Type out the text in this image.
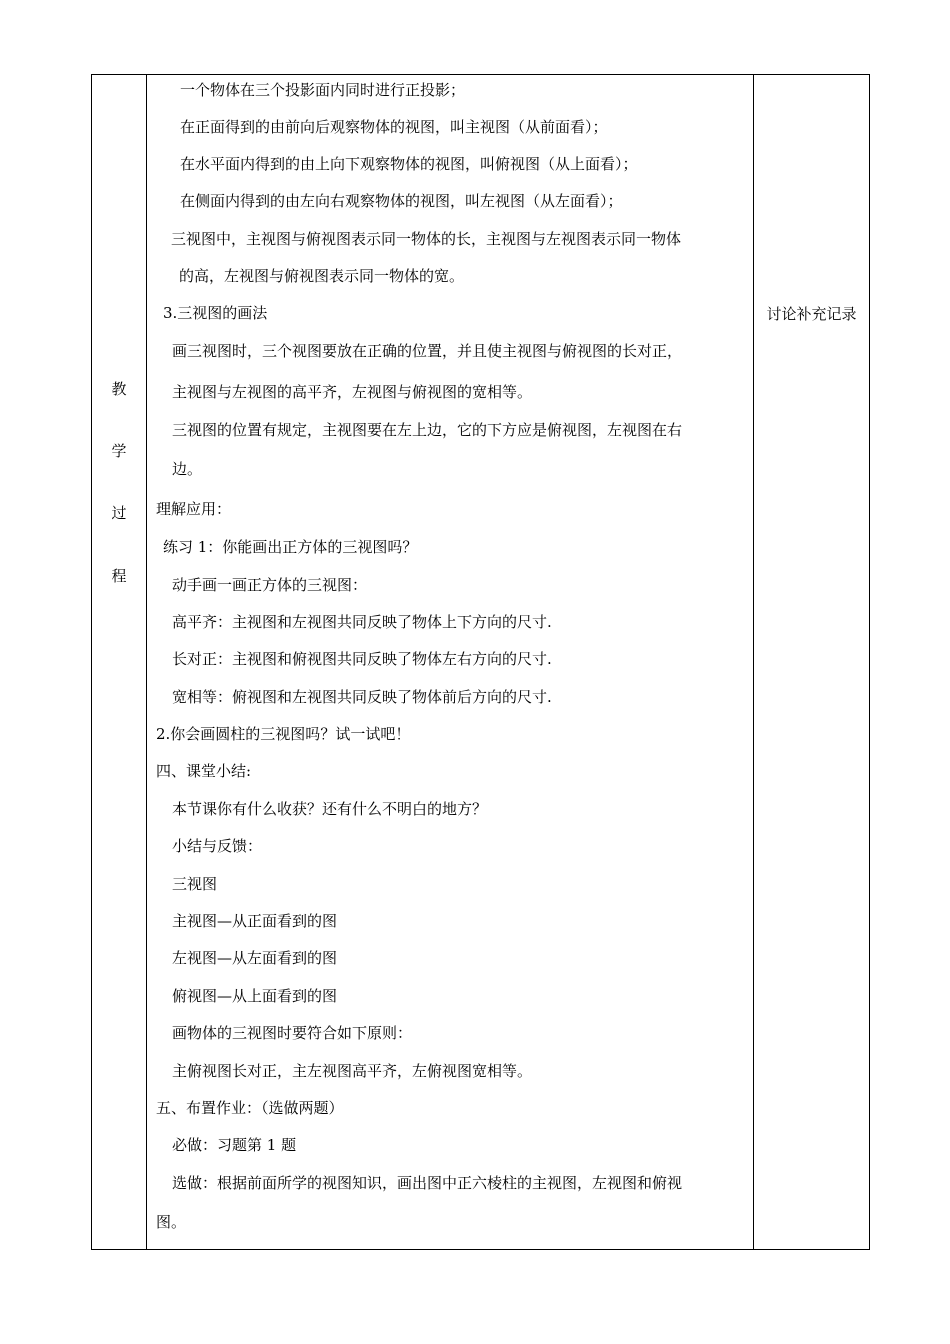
教
学
过
程

一个物体在三个投影面内同时进行正投影；
在正面得到的由前向后观察物体的视图，叫主视图（从前面看）；
在水平面内得到的由上向下观察物体的视图，叫俯视图（从上面看）；
在侧面内得到的由左向右观察物体的视图，叫左视图（从左面看）；
三视图中，主视图与俯视图表示同一物体的长，主视图与左视图表示同一物体
的高，左视图与俯视图表示同一物体的宽。
3.三视图的画法
画三视图时，三个视图要放在正确的位置，并且使主视图与俯视图的长对正，
主视图与左视图的高平齐，左视图与俯视图的宽相等。
三视图的位置有规定，主视图要在左上边，它的下方应是俯视图，左视图在右
边。
理解应用：
练习 1：你能画出正方体的三视图吗？
动手画一画正方体的三视图：
高平齐：主视图和左视图共同反映了物体上下方向的尺寸.
长对正：主视图和俯视图共同反映了物体左右方向的尺寸.
宽相等：俯视图和左视图共同反映了物体前后方向的尺寸.
2.你会画圆柱的三视图吗？试一试吧！
四、课堂小结:
本节课你有什么收获？还有什么不明白的地方？
小结与反馈：
三视图
主视图—从正面看到的图
左视图—从左面看到的图
俯视图—从上面看到的图
画物体的三视图时要符合如下原则：
主俯视图长对正，主左视图高平齐，左俯视图宽相等。
五、布置作业：（选做两题）
必做：习题第 1 题
选做：根据前面所学的视图知识，画出图中正六棱柱的主视图，左视图和俯视
图。

讨论补充记录
